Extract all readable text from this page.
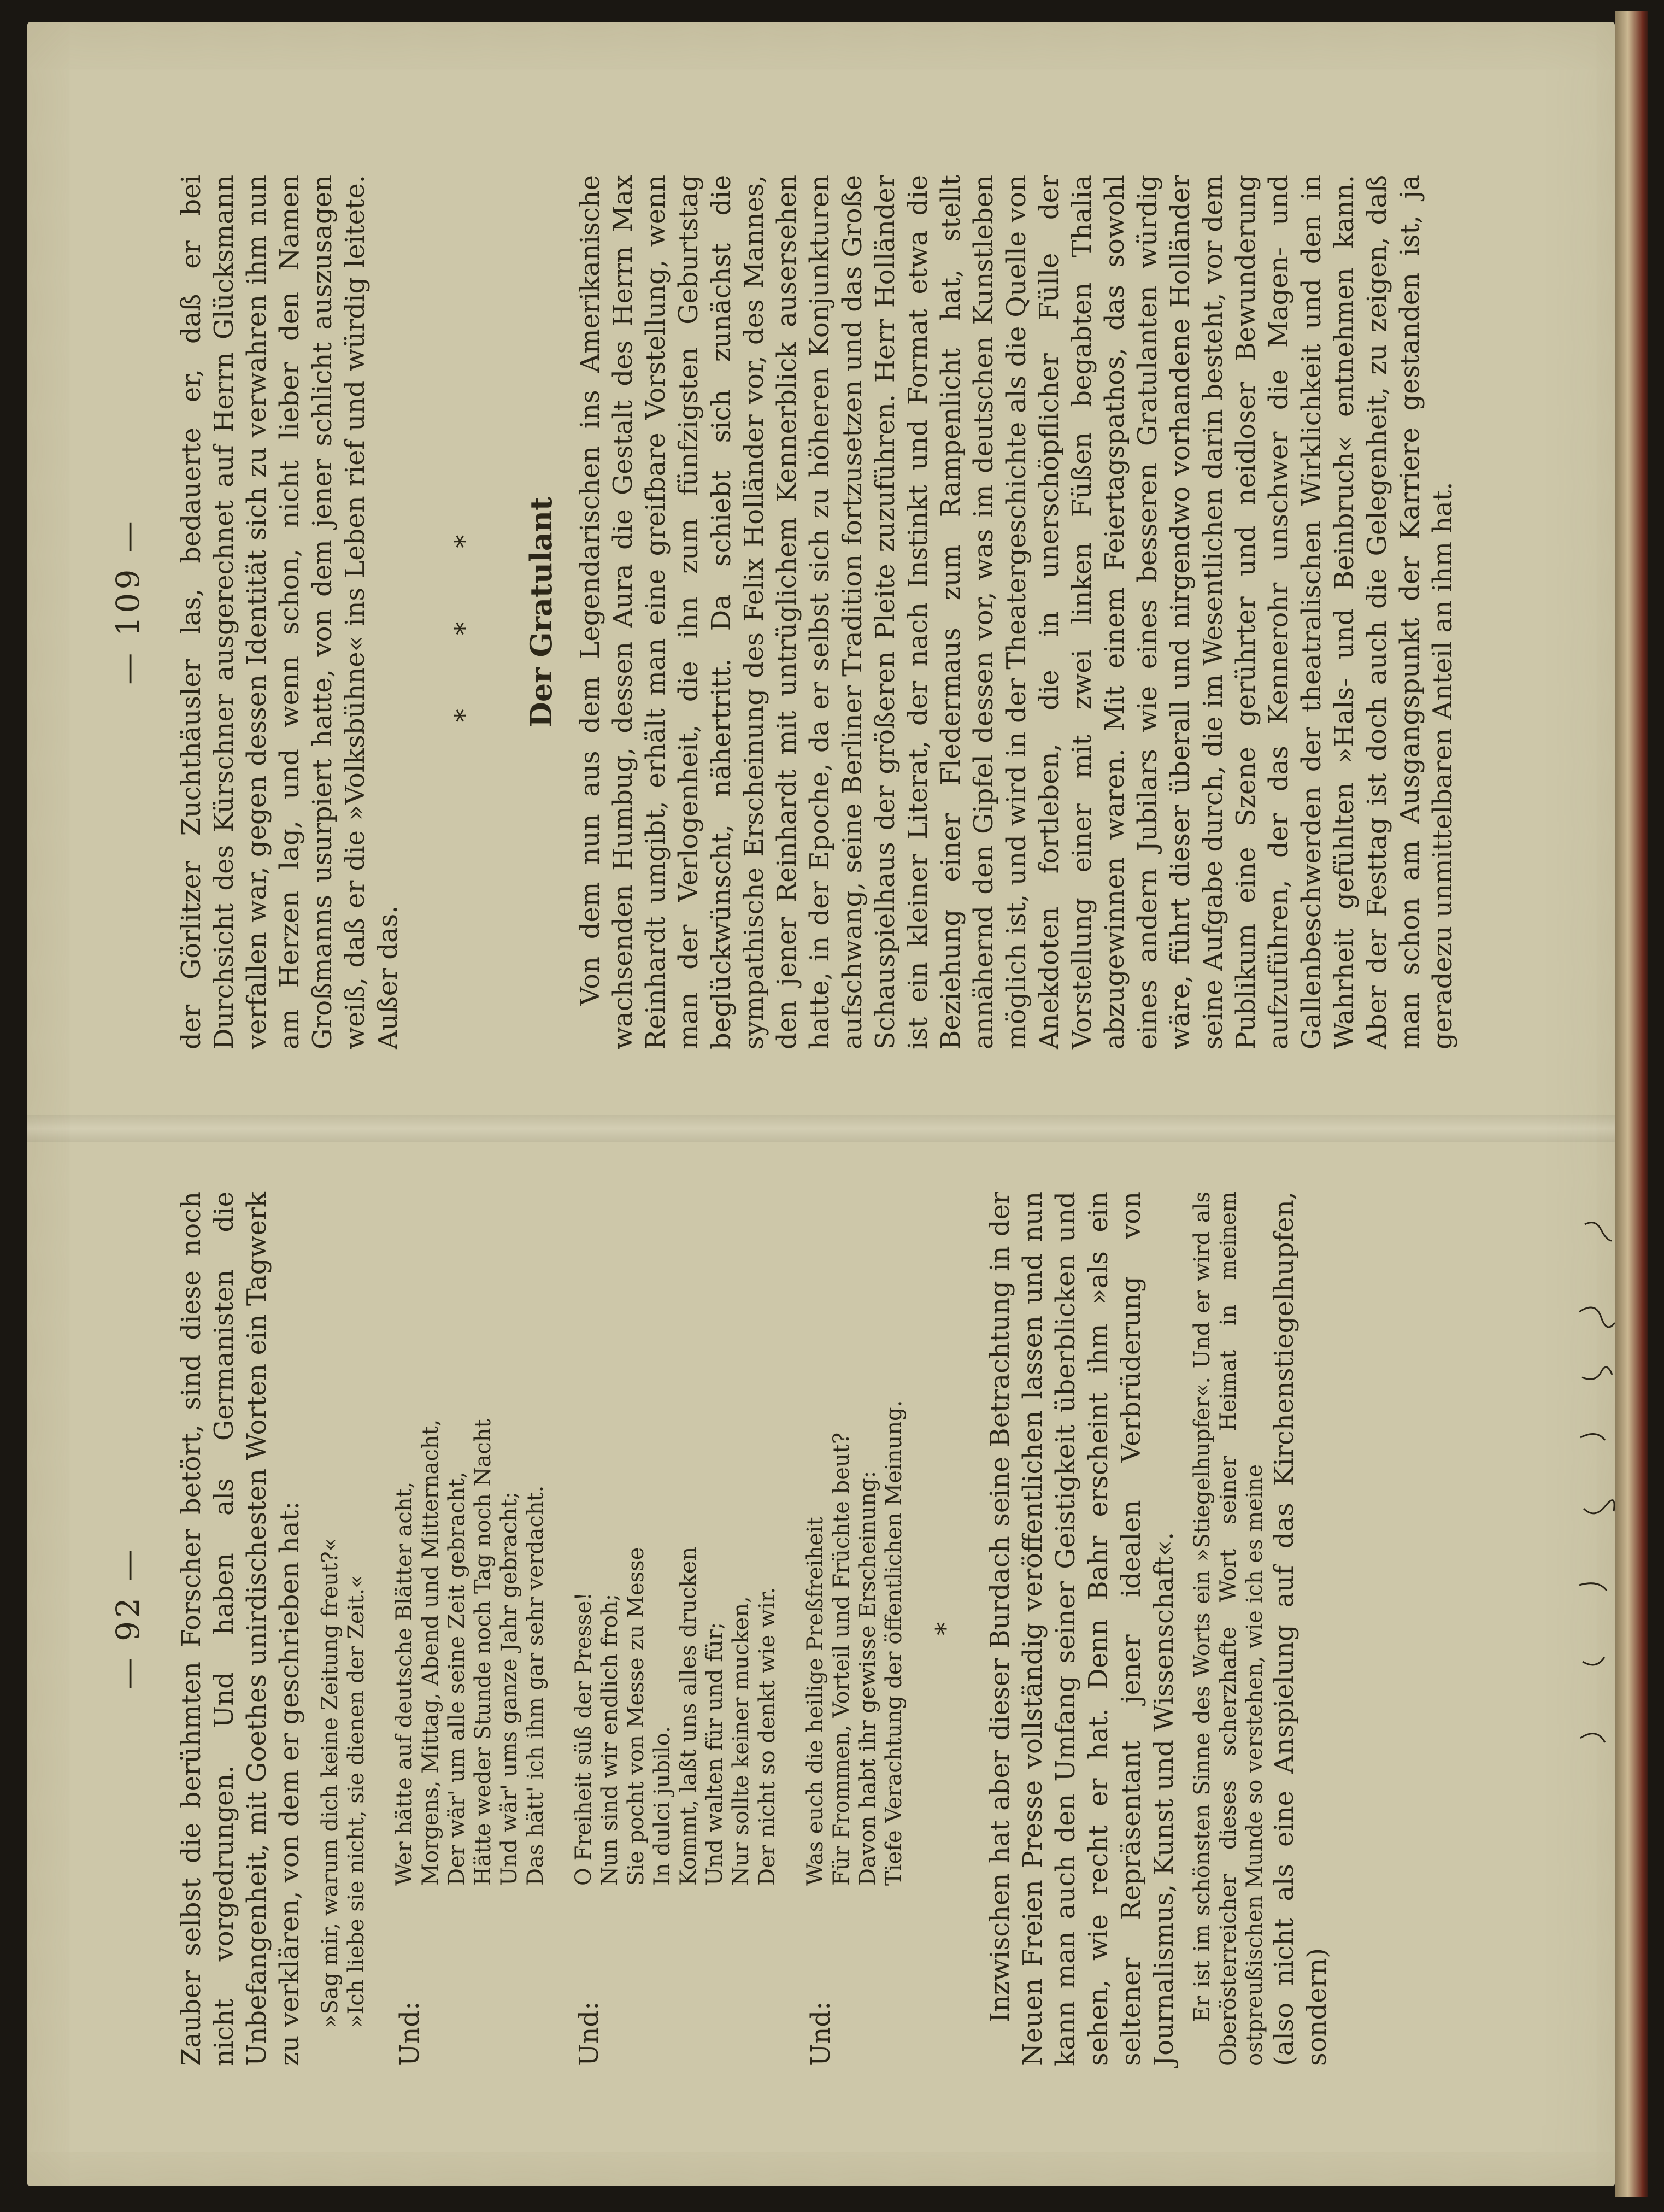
— 92 — Zauber selbst die berühmten Forscher betört, sind diese noch nicht vorgedrungen. Und haben als Germanisten die Unbefangenheit, mit Goethes unirdischesten Worten ein Tagwerk zu verklären, von dem er geschrieben hat: »Sag mir, warum dich keine Zeitung freut?« »Ich liebe sie nicht, sie dienen der Zeit.«
Und:
Wer hätte auf deutsche Blätter acht, Morgens, Mittag, Abend und Mitternacht, Der wär' um alle seine Zeit gebracht, Hätte weder Stunde noch Tag noch Nacht Und wär' ums ganze Jahr gebracht; Das hätt' ich ihm gar sehr verdacht.
Und:
O Freiheit süß der Presse! Nun sind wir endlich froh; Sie pocht von Messe zu Messe In dulci jubilo. Kommt, laßt uns alles drucken Und walten für und für; Nur sollte keiner mucken, Der nicht so denkt wie wir.
Und:
Was euch die heilige Preßfreiheit Für Frommen, Vorteil und Früchte beut? Davon habt ihr gewisse Erscheinung: Tiefe Verachtung der öffentlichen Meinung. * Inzwischen hat aber dieser Burdach seine Betrachtung in der Neuen Freien Presse vollständig veröffentlichen lassen und nun kann man auch den Umfang seiner Geistigkeit überblicken und sehen, wie recht er hat. Denn Bahr erscheint ihm »als ein seltener Repräsentant jener idealen Verbrüderung von Journalismus, Kunst und Wissenschaft«. Er ist im schönsten Sinne des Worts ein »Stiegelhupfer«. Und er wird als Oberösterreicher dieses scherzhafte Wort seiner Heimat in meinem ostpreußischen Munde so verstehen, wie ich es meine (also nicht als eine Anspielung auf das Kirchenstiegelhupfen, sondern)

— 109 — der Görlitzer Zuchthäusler las, bedauerte er, daß er bei Durchsicht des Kürschner ausgerechnet auf Herrn Glücksmann verfallen war, gegen dessen Identität sich zu verwahren ihm nun am Herzen lag, und wenn schon, nicht lieber den Namen Großmanns usurpiert hatte, von dem jener schlicht auszusagen weiß, daß er die »Volksbühne« ins Leben rief und würdig leitete. Außer das.

* * * Der Gratulant Von dem nun aus dem Legendarischen ins Amerikanische wachsenden Humbug, dessen Aura die Gestalt des Herrn Max Reinhardt umgibt, erhält man eine greifbare Vorstellung, wenn man der Verlogenheit, die ihn zum fünfzigsten Geburtstag beglückwünscht, nähertritt. Da schiebt sich zunächst die sympathische Erscheinung des Felix Holländer vor, des Mannes, den jener Reinhardt mit untrüglichem Kennerblick ausersehen hatte, in der Epoche, da er selbst sich zu höheren Konjunkturen aufschwang, seine Berliner Tradition fortzusetzen und das Große Schauspielhaus der größeren Pleite zuzuführen. Herr Holländer ist ein kleiner Literat, der nach Instinkt und Format etwa die Beziehung einer Fledermaus zum Rampenlicht hat, stellt annähernd den Gipfel dessen vor, was im deutschen Kunstleben möglich ist, und wird in der Theatergeschichte als die Quelle von Anekdoten fortleben, die in unerschöpflicher Fülle der Vorstellung einer mit zwei linken Füßen begabten Thalia abzugewinnen waren. Mit einem Feiertagspathos, das sowohl eines andern Jubilars wie eines besseren Gratulanten würdig wäre, führt dieser überall und nirgendwo vorhandene Holländer seine Aufgabe durch, die im Wesentlichen darin besteht, vor dem Publikum eine Szene gerührter und neidloser Bewunderung aufzuführen, der das Kennerohr unschwer die Magen- und Gallenbeschwerden der theatralischen Wirklichkeit und den in Wahrheit gefühlten »Hals- und Beinbruch« entnehmen kann. Aber der Festtag ist doch auch die Gelegenheit, zu zeigen, daß man schon am Ausgangspunkt der Karriere gestanden ist, ja geradezu unmittelbaren Anteil an ihm hat.
